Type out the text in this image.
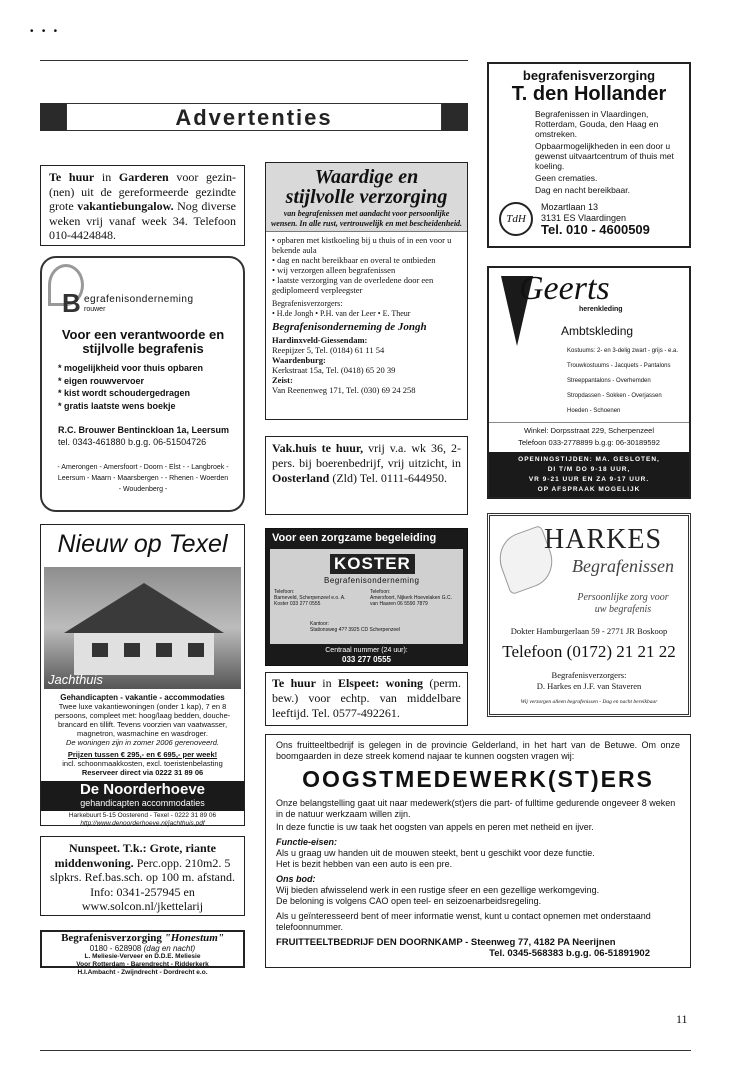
•   •   •
Advertenties
begrafenisverzorging
T. den Hollander
Begrafenissen in Vlaardingen, Rotterdam, Gouda, den Haag en omstreken.
Opbaarmogelijkheden in een door u gewenst uitvaartcentrum of thuis met koeling.
Geen crematies.
Dag en nacht bereikbaar.
TdH
Mozartlaan 13
3131 ES Vlaardingen
Tel. 010 - 4600509
Te huur in Garderen voor gezin-(nen) uit de gereformeerde gezindte grote vakantiebungalow. Nog diverse weken vrij vanaf week 34. Telefoon 010-4424848.
Waardige en
stijlvolle verzorging
van begrafenissen met aandacht voor persoonlijke wensen. In alle rust, vertrouwelijk en met bescheidenheid.
• opbaren met kistkoeling bij u thuis of in een voor u bekende aula
• dag en nacht bereikbaar en overal te ontbieden
• wij verzorgen alleen begrafenissen
• laatste verzorging van de overledene door een gediplomeerd verpleegster
Begrafenisverzorgers:
• H.de Jongh • P.H. van der Leer • E. Theur
Begrafenisonderneming de Jongh
Hardinxveld-Giessendam:
Reepijzer 5, Tel. (0184) 61 11 54
Waardenburg:
Kerkstraat 15a, Tel. (0418) 65 20 39
Zeist:
Van Reenenweg 171, Tel. (030) 69 24 258
Geerts
herenkleding
Ambtskleding
Kostuums: 2- en 3-delig zwart - grijs - e.a.
Trouwkostuums - Jacquets - Pantalons
Streeppantalons - Overhemden
Stropdassen - Sokken - Overjassen
Hoeden - Schoenen
Winkel: Dorpsstraat 229, Scherpenzeel
Telefoon 033-2778899 b.g.g: 06-30189592
OPENINGSTIJDEN: MA. GESLOTEN,
DI T/M DO 9-18 UUR,
VR 9-21 UUR EN ZA 9-17 UUR.
OP AFSPRAAK MOGELIJK
B egrafenisonderneming
rouwer
Voor een verantwoorde en stijlvolle begrafenis
* mogelijkheid voor thuis opbaren
* eigen rouwvervoer
* kist wordt schoudergedragen
* gratis laatste wens boekje
R.C. Brouwer Bentinckloan 1a, Leersum
tel. 0343-461880 b.g.g. 06-51504726
- Amerongen - Amersfoort - Doorn - Elst - - Langbroek - Leersum - Maarn - Maarsbergen - - Rhenen - Woerden - Woudenberg -
Vak.huis te huur, vrij v.a. wk 36, 2-pers. bij boerenbedrijf, vrij uitzicht, in Oosterland (Zld) Tel. 0111-644950.
Nieuw op Texel
Jachthuis
Gehandicapten - vakantie - accommodaties
Twee luxe vakantiewoningen (onder 1 kap), 7 en 8 persoons, compleet met: hoog/laag bedden, douche-brancard en tillift. Tevens voorzien van vaatwasser, magnetron, wasmachine en wasdroger.
De woningen zijn in zomer 2006 gerenoveerd.
Prijzen tussen € 295,- en € 695,- per week!
incl. schoonmaakkosten, excl. toeristenbelasting
Reserveer direct via 0222 31 89 06
De Noorderhoeve
gehandicapten accommodaties
Harkebuurt 5-15 Oosterend - Texel - 0222 31 89 06
http://www.denoorderhoeve.nl/jachthuis.pdf
Voor een zorgzame begeleiding
KOSTER
Begrafenisonderneming
Telefoon:
Barneveld, Scherpenzeel e.o. A. Koster 033 277 0555
Telefoon:
Amersfoort, Nijkerk Hoevelaken G.C. van Haaren 06 5590 7879
Kantoor:
Stationsweg 4?? 3925 CD Scherpenzeel
Centraal nummer (24 uur):
033 277 0555
HARKES
Begrafenissen
Persoonlijke zorg voor
uw begrafenis
Dokter Hamburgerlaan 59 - 2771 JR Boskoop
Telefoon (0172) 21 21 22
Begrafenisverzorgers:
D. Harkes en J.F. van Staveren
Wij verzorgen alleen begrafenissen - Dag en nacht bereikbaar
Te huur in Elspeet: woning (perm. bew.) voor echtp. van middelbare leeftijd. Tel. 0577-492261.
Ons fruitteeltbedrijf is gelegen in de provincie Gelderland, in het hart van de Betuwe. Om onze boomgaarden in deze streek komend najaar te kunnen oogsten vragen wij:
OOGSTMEDEWERK(ST)ERS
Onze belangstelling gaat uit naar medewerk(st)ers die part- of fulltime gedurende ongeveer 8 weken in de natuur werkzaam willen zijn.
In deze functie is uw taak het oogsten van appels en peren met netheid en ijver.
Functie-eisen:
Als u graag uw handen uit de mouwen steekt, bent u geschikt voor deze functie.
Het is bezit hebben van een auto is een pre.
Ons bod:
Wij bieden afwisselend werk in een rustige sfeer en een gezellige werkomgeving.
De beloning is volgens CAO open teel- en seizoenarbeidsregeling.
Als u geïnteresseerd bent of meer informatie wenst, kunt u contact opnemen met onderstaand telefoonnummer.
FRUITTEELTBEDRIJF DEN DOORNKAMP - Steenweg 77, 4182 PA Neerijnen
Tel. 0345-568383 b.g.g. 06-51891902
Nunspeet. T.k.: Grote, riante middenwoning. Perc.opp. 210m2. 5 slpkrs. Ref.bas.sch. op 100 m. afstand. Info: 0341-257945 en www.solcon.nl/jkettelarij
Begrafenisverzorging "Honestum"
0180 - 628908 (dag en nacht)
L. Meliesie-Verveer en D.D.E. Meliesie
Voor Rotterdam - Barendrecht - Ridderkerk
H.I.Ambacht - Zwijndrecht - Dordrecht e.o.
11
